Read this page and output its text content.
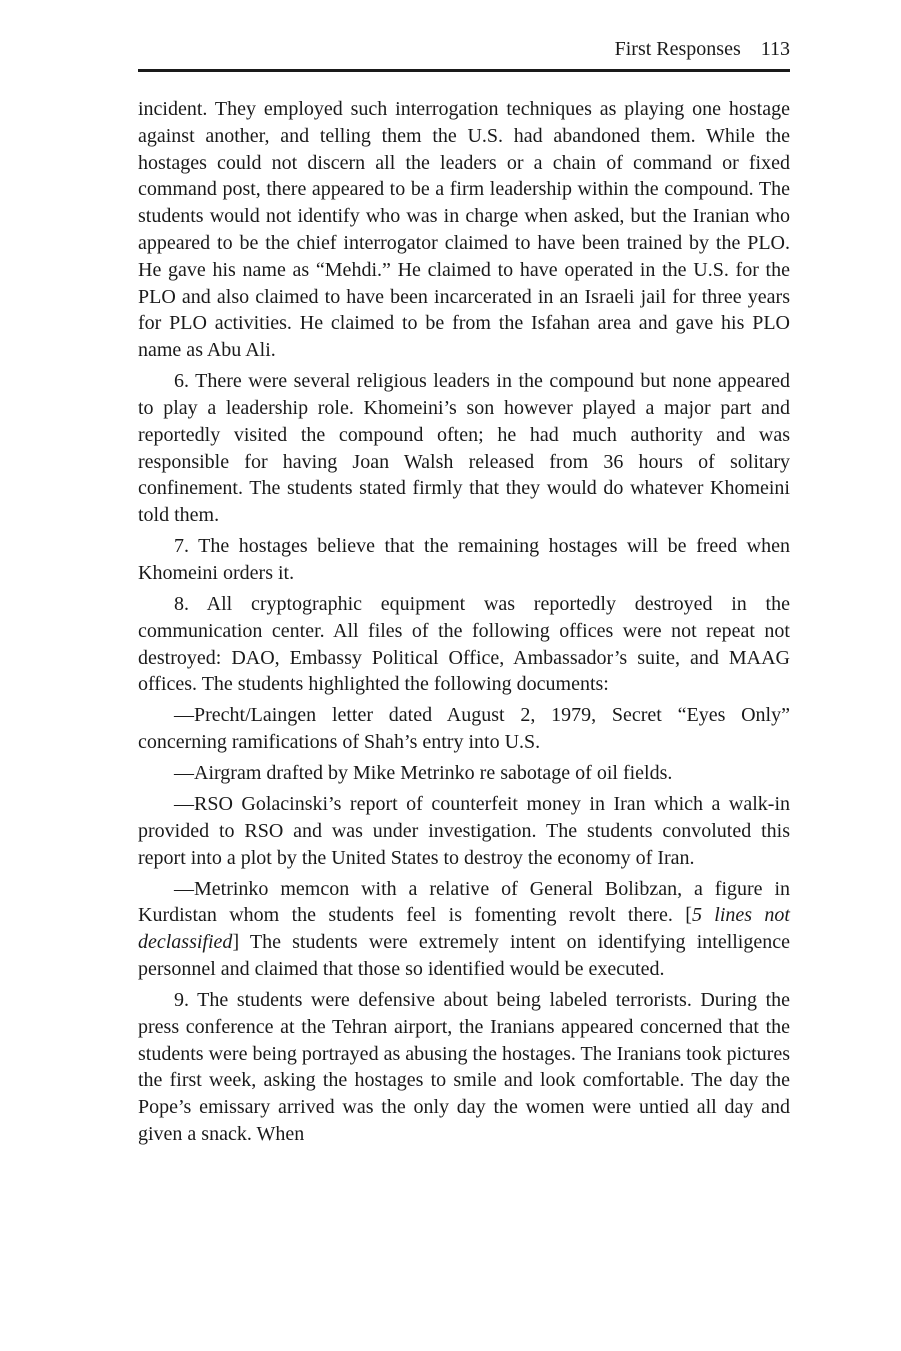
First Responses 113

incident. They employed such interrogation techniques as playing one hostage against another, and telling them the U.S. had abandoned them. While the hostages could not discern all the leaders or a chain of command or fixed command post, there appeared to be a firm leadership within the compound. The students would not identify who was in charge when asked, but the Iranian who appeared to be the chief interrogator claimed to have been trained by the PLO. He gave his name as “Mehdi.” He claimed to have operated in the U.S. for the PLO and also claimed to have been incarcerated in an Israeli jail for three years for PLO activities. He claimed to be from the Isfahan area and gave his PLO name as Abu Ali.

6. There were several religious leaders in the compound but none appeared to play a leadership role. Khomeini’s son however played a major part and reportedly visited the compound often; he had much authority and was responsible for having Joan Walsh released from 36 hours of solitary confinement. The students stated firmly that they would do whatever Khomeini told them.

7. The hostages believe that the remaining hostages will be freed when Khomeini orders it.

8. All cryptographic equipment was reportedly destroyed in the communication center. All files of the following offices were not repeat not destroyed: DAO, Embassy Political Office, Ambassador’s suite, and MAAG offices. The students highlighted the following documents:

—Precht/Laingen letter dated August 2, 1979, Secret “Eyes Only” concerning ramifications of Shah’s entry into U.S.

—Airgram drafted by Mike Metrinko re sabotage of oil fields.

—RSO Golacinski’s report of counterfeit money in Iran which a walk-in provided to RSO and was under investigation. The students convoluted this report into a plot by the United States to destroy the economy of Iran.

—Metrinko memcon with a relative of General Bolibzan, a figure in Kurdistan whom the students feel is fomenting revolt there. [5 lines not declassified] The students were extremely intent on identifying intelligence personnel and claimed that those so identified would be executed.

9. The students were defensive about being labeled terrorists. During the press conference at the Tehran airport, the Iranians appeared concerned that the students were being portrayed as abusing the hostages. The Iranians took pictures the first week, asking the hostages to smile and look comfortable. The day the Pope’s emissary arrived was the only day the women were untied all day and given a snack. When
